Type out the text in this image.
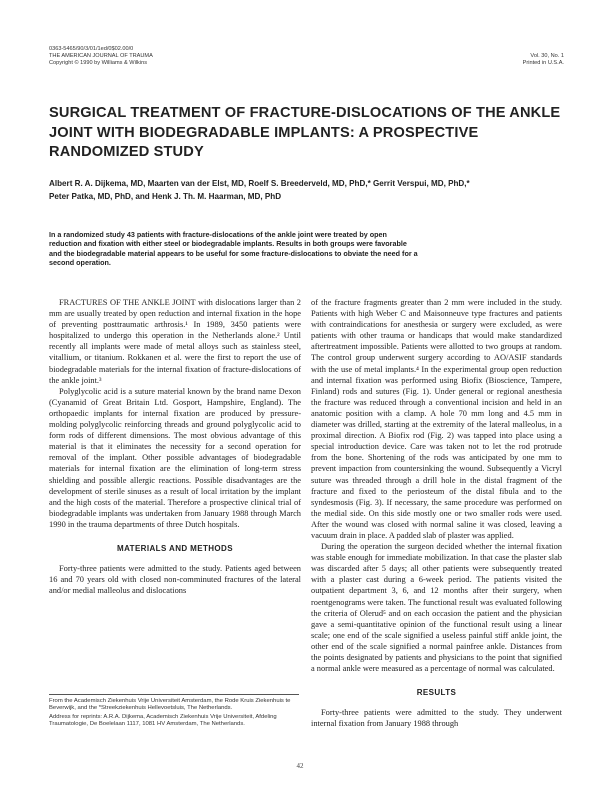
0363-5465/90/3/01/1ed/0$02.00/0
THE AMERICAN JOURNAL OF TRAUMA
Copyright © 1990 by Williams & Wilkins
Vol. 30, No. 1
Printed in U.S.A.
SURGICAL TREATMENT OF FRACTURE-DISLOCATIONS OF THE ANKLE JOINT WITH BIODEGRADABLE IMPLANTS: A PROSPECTIVE RANDOMIZED STUDY
Albert R. A. Dijkema, MD, Maarten van der Elst, MD, Roelf S. Breederveld, MD, PhD,* Gerrit Verspui, MD, PhD,*
Peter Patka, MD, PhD, and Henk J. Th. M. Haarman, MD, PhD
In a randomized study 43 patients with fracture-dislocations of the ankle joint were treated by open reduction and fixation with either steel or biodegradable implants. Results in both groups were favorable and the biodegradable material appears to be useful for some fracture-dislocations to obviate the need for a second operation.

FRACTURES OF THE ANKLE JOINT with dislocations larger than 2 mm are usually treated by open reduction and internal fixation in the hope of preventing posttraumatic arthrosis.¹ In 1989, 3450 patients were hospitalized to undergo this operation in the Netherlands alone.² Until recently all implants were made of metal alloys such as stainless steel, vitallium, or titanium. Rokkanen et al. were the first to report the use of biodegradable materials for the internal fixation of fracture-dislocations of the ankle joint.³

Polyglycolic acid is a suture material known by the brand name Dexon (Cyanamid of Great Britain Ltd. Gosport, Hampshire, England). The orthopaedic implants for internal fixation are produced by pressure-molding polyglycolic reinforcing threads and ground polyglycolic acid to form rods of different dimensions. The most obvious advantage of this material is that it eliminates the necessity for a second operation for removal of the implant. Other possible advantages of biodegradable materials for internal fixation are the elimination of long-term stress shielding and possible allergic reactions. Possible disadvantages are the development of sterile sinuses as a result of local irritation by the implant and the high costs of the material. Therefore a prospective clinical trial of biodegradable implants was undertaken from January 1988 through March 1990 in the trauma departments of three Dutch hospitals.

MATERIALS AND METHODS

Forty-three patients were admitted to the study. Patients aged between 16 and 70 years old with closed non-comminuted fractures of the lateral and/or medial malleolus and dislocations

of the fracture fragments greater than 2 mm were included in the study. Patients with high Weber C and Maisonneuve type fractures and patients with contraindications for anesthesia or surgery were excluded, as were patients with other trauma or handicaps that would make standardized aftertreatment impossible. Patients were allotted to two groups at random. The control group underwent surgery according to AO/ASIF standards with the use of metal implants.⁴ In the experimental group open reduction and internal fixation was performed using Biofix (Bioscience, Tampere, Finland) rods and sutures (Fig. 1). Under general or regional anesthesia the fracture was reduced through a conventional incision and held in an anatomic position with a clamp. A hole 70 mm long and 4.5 mm in diameter was drilled, starting at the extremity of the lateral malleolus, in a proximal direction. A Biofix rod (Fig. 2) was tapped into place using a special introduction device. Care was taken not to let the rod protrude from the bone. Shortening of the rods was anticipated by one mm to prevent impaction from countersinking the wound. Subsequently a Vicryl suture was threaded through a drill hole in the distal fragment of the fracture and fixed to the periosteum of the distal fibula and to the syndesmosis (Fig. 3). If necessary, the same procedure was performed on the medial side. On this side mostly one or two smaller rods were used. After the wound was closed with normal saline it was closed, leaving a vacuum drain in place. A padded slab of plaster was applied.

During the operation the surgeon decided whether the internal fixation was stable enough for immediate mobilization. In that case the plaster slab was discarded after 5 days; all other patients were subsequently treated with a plaster cast during a 6-week period. The patients visited the outpatient department 3, 6, and 12 months after their surgery, when roentgenograms were taken. The functional result was evaluated following the criteria of Olerud⁵ and on each occasion the patient and the physician gave a semi-quantitative opinion of the functional result using a linear scale; one end of the scale signified a useless painful stiff ankle joint, the other end of the scale signified a normal painfree ankle. Distances from the points designated by patients and physicians to the point that signified a normal ankle were measured as a percentage of normal was calculated.

RESULTS

Forty-three patients were admitted to the study. They underwent internal fixation from January 1988 through

From the Academisch Ziekenhuis Vrije Universiteit Amsterdam, the Rode Kruis Ziekenhuis te Beverwijk, and the *Streekziekenhuis Hellevoetsluis, The Netherlands.

Address for reprints: A.R.A. Dijkema, Academisch Ziekenhuis Vrije Universiteit, Afdeling Traumatologie, De Boelelaan 1117, 1081 HV Amsterdam, The Netherlands.

42
